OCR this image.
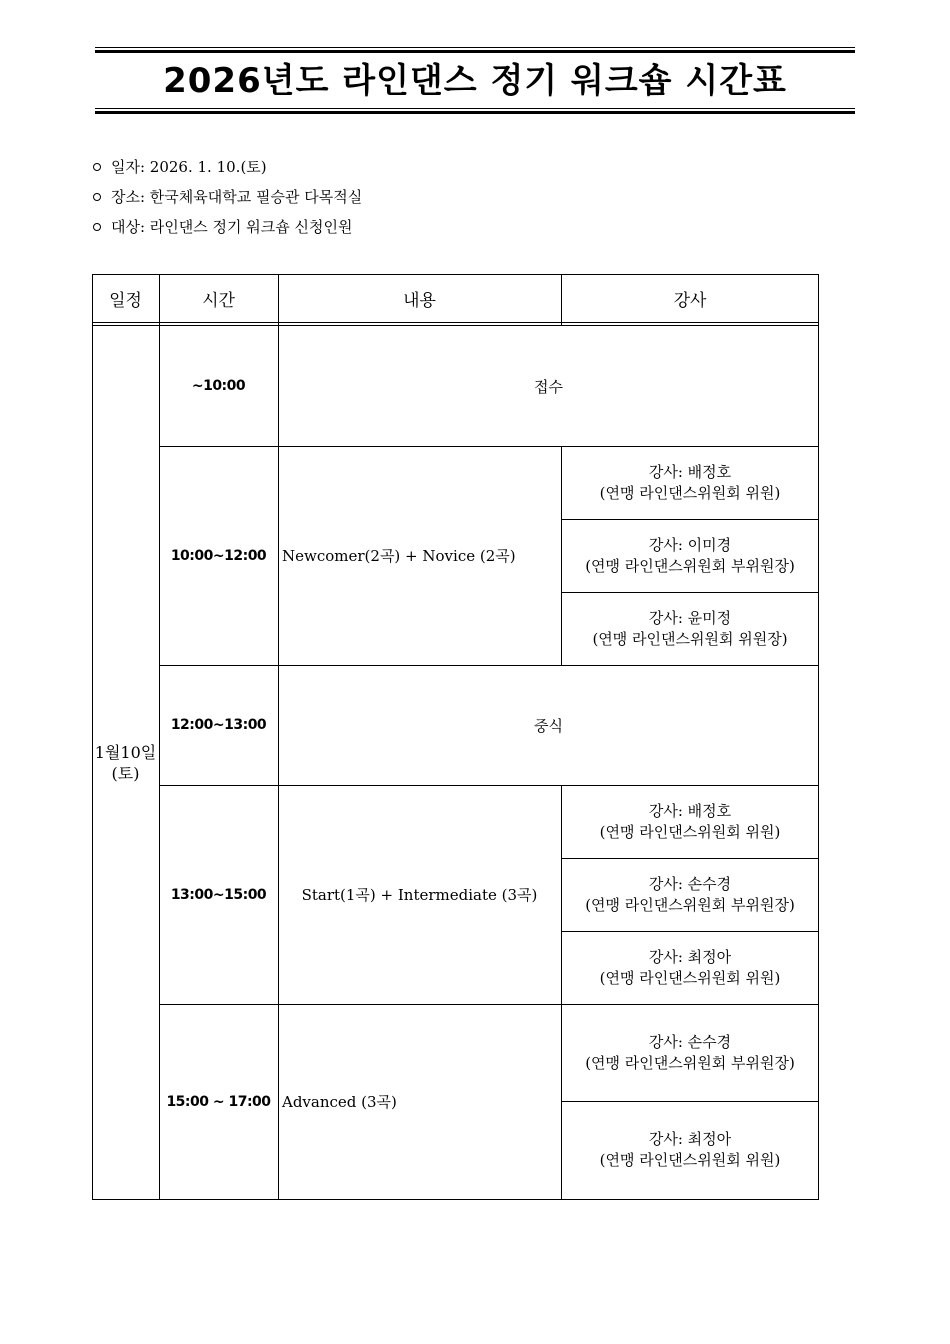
2026년도 라인댄스 정기 워크숍 시간표
일자: 2026. 1. 10.(토)
장소: 한국체육대학교 필승관 다목적실
대상: 라인댄스 정기 워크숍 신청인원
일정	시간	내용	강사
1월10일
(토)
~10:00	접수
10:00~12:00	Newcomer(2곡) + Novice (2곡)
강사: 배정호
(연맹 라인댄스위원회 위원)
강사: 이미경
(연맹 라인댄스위원회 부위원장)
강사: 윤미정
(연맹 라인댄스위원회 위원장)
12:00~13:00	중식
13:00~15:00	Start(1곡) + Intermediate (3곡)
강사: 배정호
(연맹 라인댄스위원회 위원)
강사: 손수경
(연맹 라인댄스위원회 부위원장)
강사: 최정아
(연맹 라인댄스위원회 위원)
15:00 ~ 17:00 Advanced (3곡)
강사: 손수경
(연맹 라인댄스위원회 부위원장)
강사: 최정아
(연맹 라인댄스위원회 위원)
